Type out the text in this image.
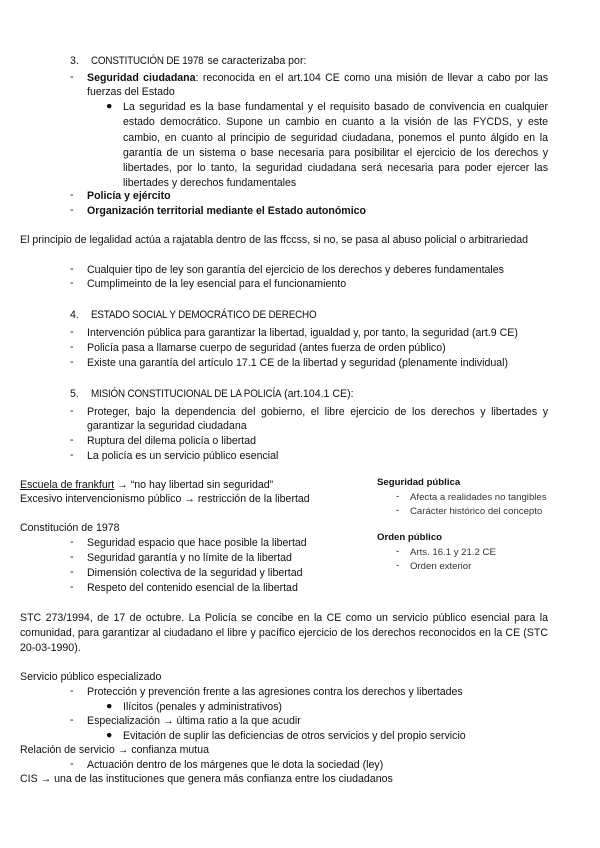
3. CONSTITUCIÓN DE 1978 se caracterizaba por:
-	Seguridad ciudadana: reconocida en el art.104 CE como una misión de llevar a cabo por las fuerzas del Estado
● La seguridad es la base fundamental y el requisito basado de convivencia en cualquier estado democrático. Supone un cambio en cuanto a la visión de las FYCDS, y este cambio, en cuanto al principio de seguridad ciudadana, ponemos el punto álgido en la garantía de un sistema o base necesaria para posibilitar el ejercicio de los derechos y libertades, por lo tanto, la seguridad ciudadana será necesaria para poder ejercer las libertades y derechos fundamentales
-	Policía y ejército
-	Organización territorial mediante el Estado autonómico
El principio de legalidad actúa a rajatabla dentro de las ffccss, si no, se pasa al abuso policial o arbitrariedad
-	Cualquier tipo de ley son garantía del ejercicio de los derechos y deberes fundamentales
-	Cumplimeinto de la ley esencial para el funcionamiento
4. ESTADO SOCIAL Y DEMOCRÁTICO DE DERECHO
-	Intervención pública para garantizar la libertad, igualdad y, por tanto, la seguridad (art.9 CE)
-	Policía pasa a llamarse cuerpo de seguridad (antes fuerza de orden público)
-	Existe una garantía del artículo 17.1 CE de la libertad y seguridad (plenamente individual)
5. MISIÓN CONSTITUCIONAL DE LA POLICÍA (art.104.1 CE):
-	Proteger, bajo la dependencia del gobierno, el libre ejercicio de los derechos y libertades y garantizar la seguridad ciudadana
-	Ruptura del dilema policía o libertad
-	La policía es un servicio público esencial
Escuela de frankfurt → “no hay libertad sin seguridad”
Excesivo intervencionismo público → restricción de la libertad
Constitución de 1978
-	Seguridad espacio que hace posible la libertad
-	Seguridad garantía y no límite de la libertad
-	Dimensión colectiva de la seguridad y libertad
-	Respeto del contenido esencial de la libertad
Seguridad pública
-	Afecta a realidades no tangibles
-	Carácter histórico del concepto
Orden público
-	Arts. 16.1 y 21.2 CE
-	Orden exterior
STC 273/1994, de 17 de octubre. La Policía se concibe en la CE como un servicio público esencial para la comunidad, para garantizar al ciudadano el libre y pacífico ejercicio de los derechos reconocidos en la CE (STC 20-03-1990).
Servicio público especializado
-	Protección y prevención frente a las agresiones contra los derechos y libertades
● Ilícitos (penales y administrativos)
-	Especialización → última ratio a la que acudir
● Evitación de suplir las deficiencias de otros servicios y del propio servicio
Relación de servicio → confianza mutua
-	Actuación dentro de los márgenes que le dota la sociedad (ley)
CIS → una de las instituciones que genera más confianza entre los ciudadanos
